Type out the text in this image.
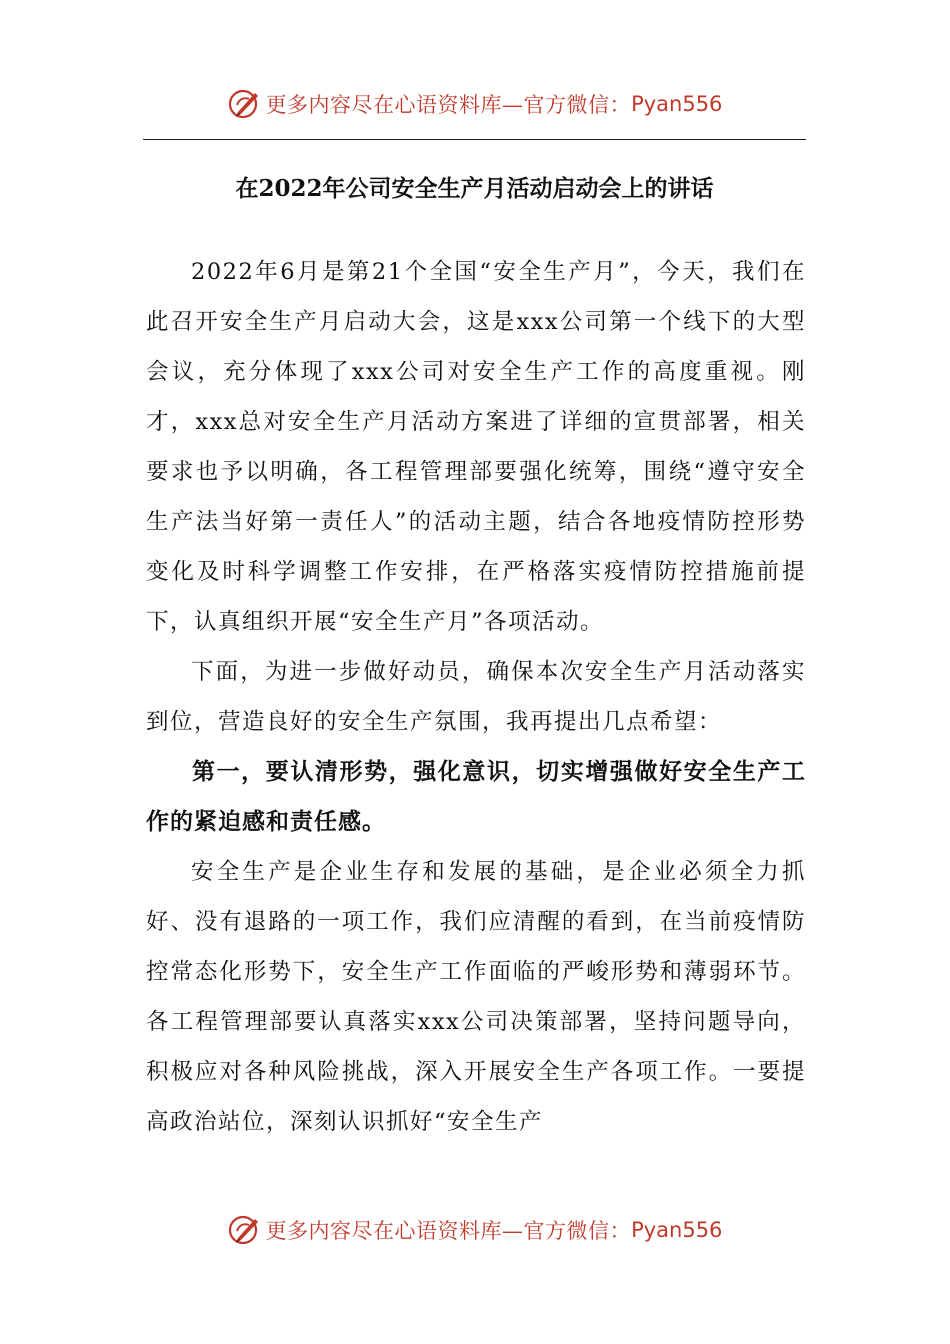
更多内容尽在心语资料库—官方微信： Pyan556
在2022年公司安全生产月活动启动会上的讲话

2022年6月是第21个全国“安全生产月”，今天，我们在此召开安全生产月启动大会，这是xxx公司第一个线下的大型会议，充分体现了xxx公司对安全生产工作的高度重视。刚才，xxx总对安全生产月活动方案进了详细的宣贯部署，相关要求也予以明确，各工程管理部要强化统筹，围绕“遵守安全生产法当好第一责任人”的活动主题，结合各地疫情防控形势变化及时科学调整工作安排，在严格落实疫情防控措施前提下，认真组织开展“安全生产月”各项活动。

下面，为进一步做好动员，确保本次安全生产月活动落实到位，营造良好的安全生产氛围，我再提出几点希望：

第一，要认清形势，强化意识，切实增强做好安全生产工作的紧迫感和责任感。

安全生产是企业生存和发展的基础，是企业必须全力抓好、没有退路的一项工作，我们应清醒的看到，在当前疫情防控常态化形势下，安全生产工作面临的严峻形势和薄弱环节。各工程管理部要认真落实xxx公司决策部署，坚持问题导向，积极应对各种风险挑战，深入开展安全生产各项工作。一要提高政治站位，深刻认识抓好“安全生产

更多内容尽在心语资料库—官方微信： Pyan556
